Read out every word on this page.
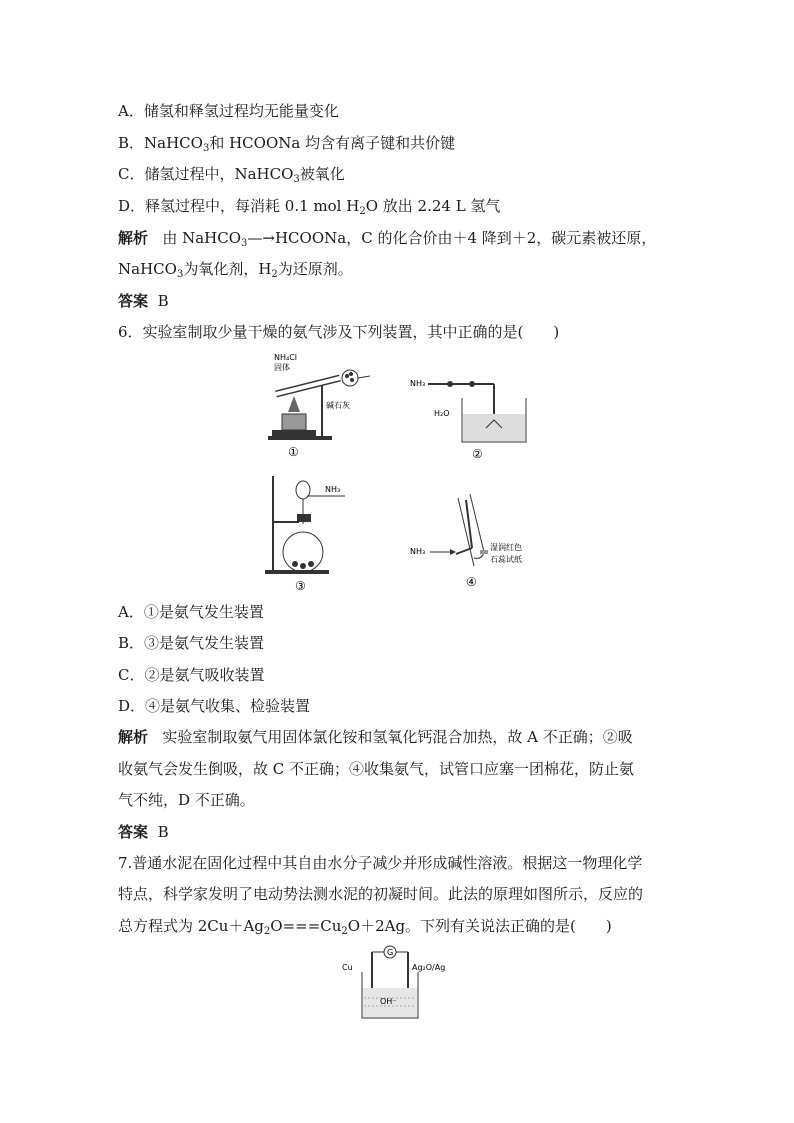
A．储氢和释氢过程均无能量变化
B．NaHCO$_3$和 HCOONa 均含有离子键和共价键
C．储氢过程中，NaHCO$_3$被氧化
D．释氢过程中，每消耗 0.1 mol $H_2O$ 放出 2.24 L 氢气
解析 由 NaHCO$_3$—→HCOONa，C 的化合价由＋4 降到＋2，碳元素被还原，
NaHCO$_3$为氧化剂，$H_2$为还原剂。
答案 B
6．实验室制取少量干燥的氨气涉及下列装置，其中正确的是(　　)
NH₄Cl
固体
碱石灰
①
NH₃
H₂O
②
NH₃
③
NH₃	湿润红色
石蕊试纸
④
A．①是氨气发生装置
B．③是氨气发生装置
C．②是氨气吸收装置
D．④是氨气收集、检验装置
解析 实验室制取氨气用固体氯化铵和氢氧化钙混合加热，故 A 不正确；②吸
收氨气会发生倒吸，故 C 不正确；④收集氨气，试管口应塞一团棉花，防止氨
气不纯，D 不正确。
答案 B
7.普通水泥在固化过程中其自由水分子减少并形成碱性溶液。根据这一物理化学
特点，科学家发明了电动势法测水泥的初凝时间。此法的原理如图所示，反应的
总方程式为 $2Cu+Ag_2O===Cu_2O+2Ag$。下列有关说法正确的是(　　)
Cu	Ag₂O/Ag
G
OH⁻
